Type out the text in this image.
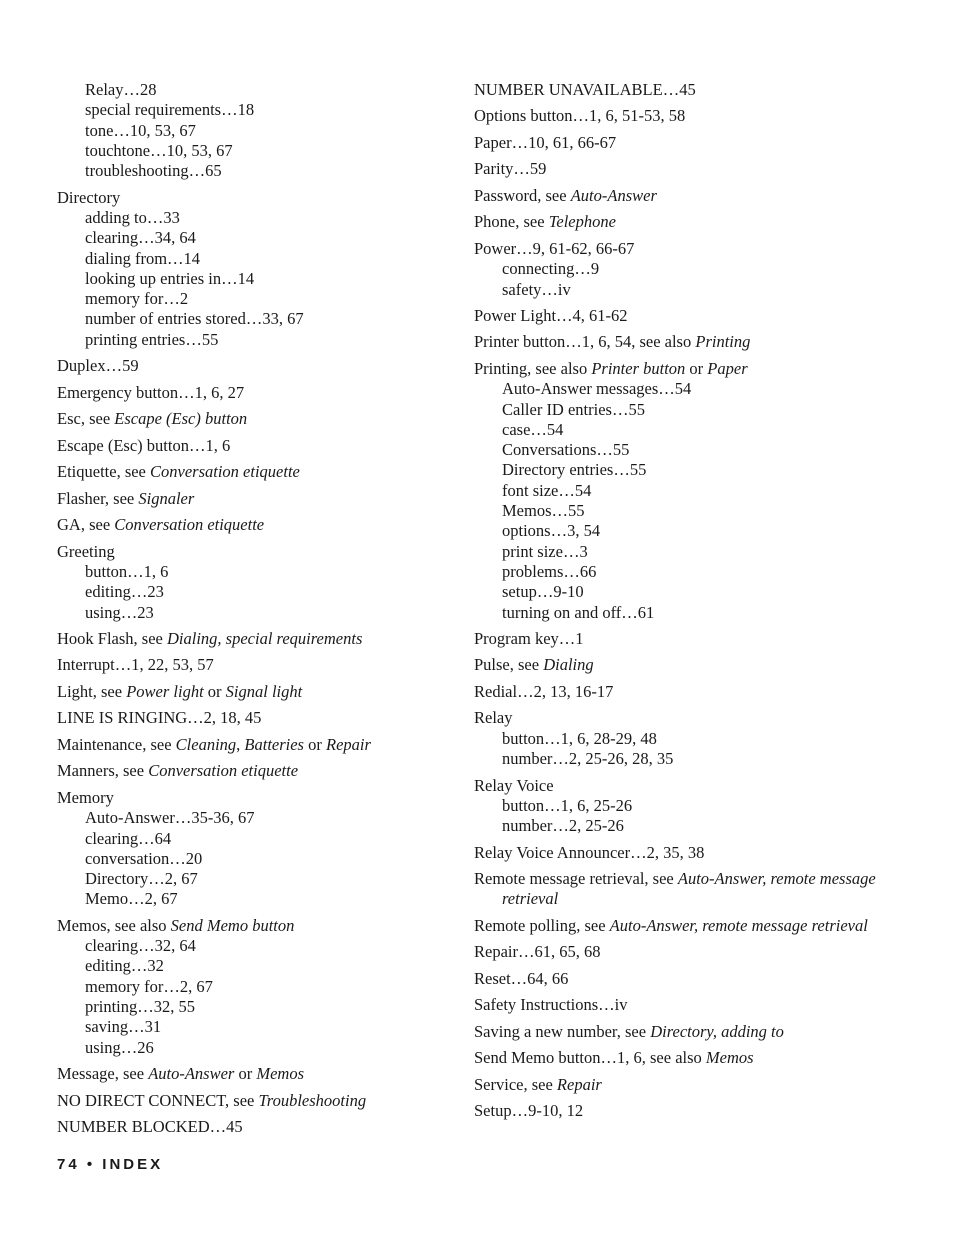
Relay…28
special requirements…18
tone…10, 53, 67
touchtone…10, 53, 67
troubleshooting…65
Directory
adding to…33
clearing…34, 64
dialing from…14
looking up entries in…14
memory for…2
number of entries stored…33, 67
printing entries…55
Duplex…59
Emergency button…1, 6, 27
Esc, see Escape (Esc) button
Escape (Esc) button…1, 6
Etiquette, see Conversation etiquette
Flasher, see Signaler
GA, see Conversation etiquette
Greeting
button…1, 6
editing…23
using…23
Hook Flash, see Dialing, special requirements
Interrupt…1, 22, 53, 57
Light, see Power light or Signal light
LINE IS RINGING…2, 18, 45
Maintenance, see Cleaning, Batteries or Repair
Manners, see Conversation etiquette
Memory
Auto-Answer…35-36, 67
clearing…64
conversation…20
Directory…2, 67
Memo…2, 67
Memos, see also Send Memo button
clearing…32, 64
editing…32
memory for…2, 67
printing…32, 55
saving…31
using…26
Message, see Auto-Answer or Memos
NO DIRECT CONNECT, see Troubleshooting
NUMBER BLOCKED…45
NUMBER UNAVAILABLE…45
Options button…1, 6, 51-53, 58
Paper…10, 61, 66-67
Parity…59
Password, see Auto-Answer
Phone, see Telephone
Power…9, 61-62, 66-67
connecting…9
safety…iv
Power Light…4, 61-62
Printer button…1, 6, 54, see also Printing
Printing, see also Printer button or Paper
Auto-Answer messages…54
Caller ID entries…55
case…54
Conversations…55
Directory entries…55
font size…54
Memos…55
options…3, 54
print size…3
problems…66
setup…9-10
turning on and off…61
Program key…1
Pulse, see Dialing
Redial…2, 13, 16-17
Relay
button…1, 6, 28-29, 48
number…2, 25-26, 28, 35
Relay Voice
button…1, 6, 25-26
number…2, 25-26
Relay Voice Announcer…2, 35, 38
Remote message retrieval, see Auto-Answer, remote message retrieval
Remote polling, see Auto-Answer, remote message retrieval
Repair…61, 65, 68
Reset…64, 66
Safety Instructions…iv
Saving a new number, see Directory, adding to
Send Memo button…1, 6, see also Memos
Service, see Repair
Setup…9-10, 12
74 • INDEX
